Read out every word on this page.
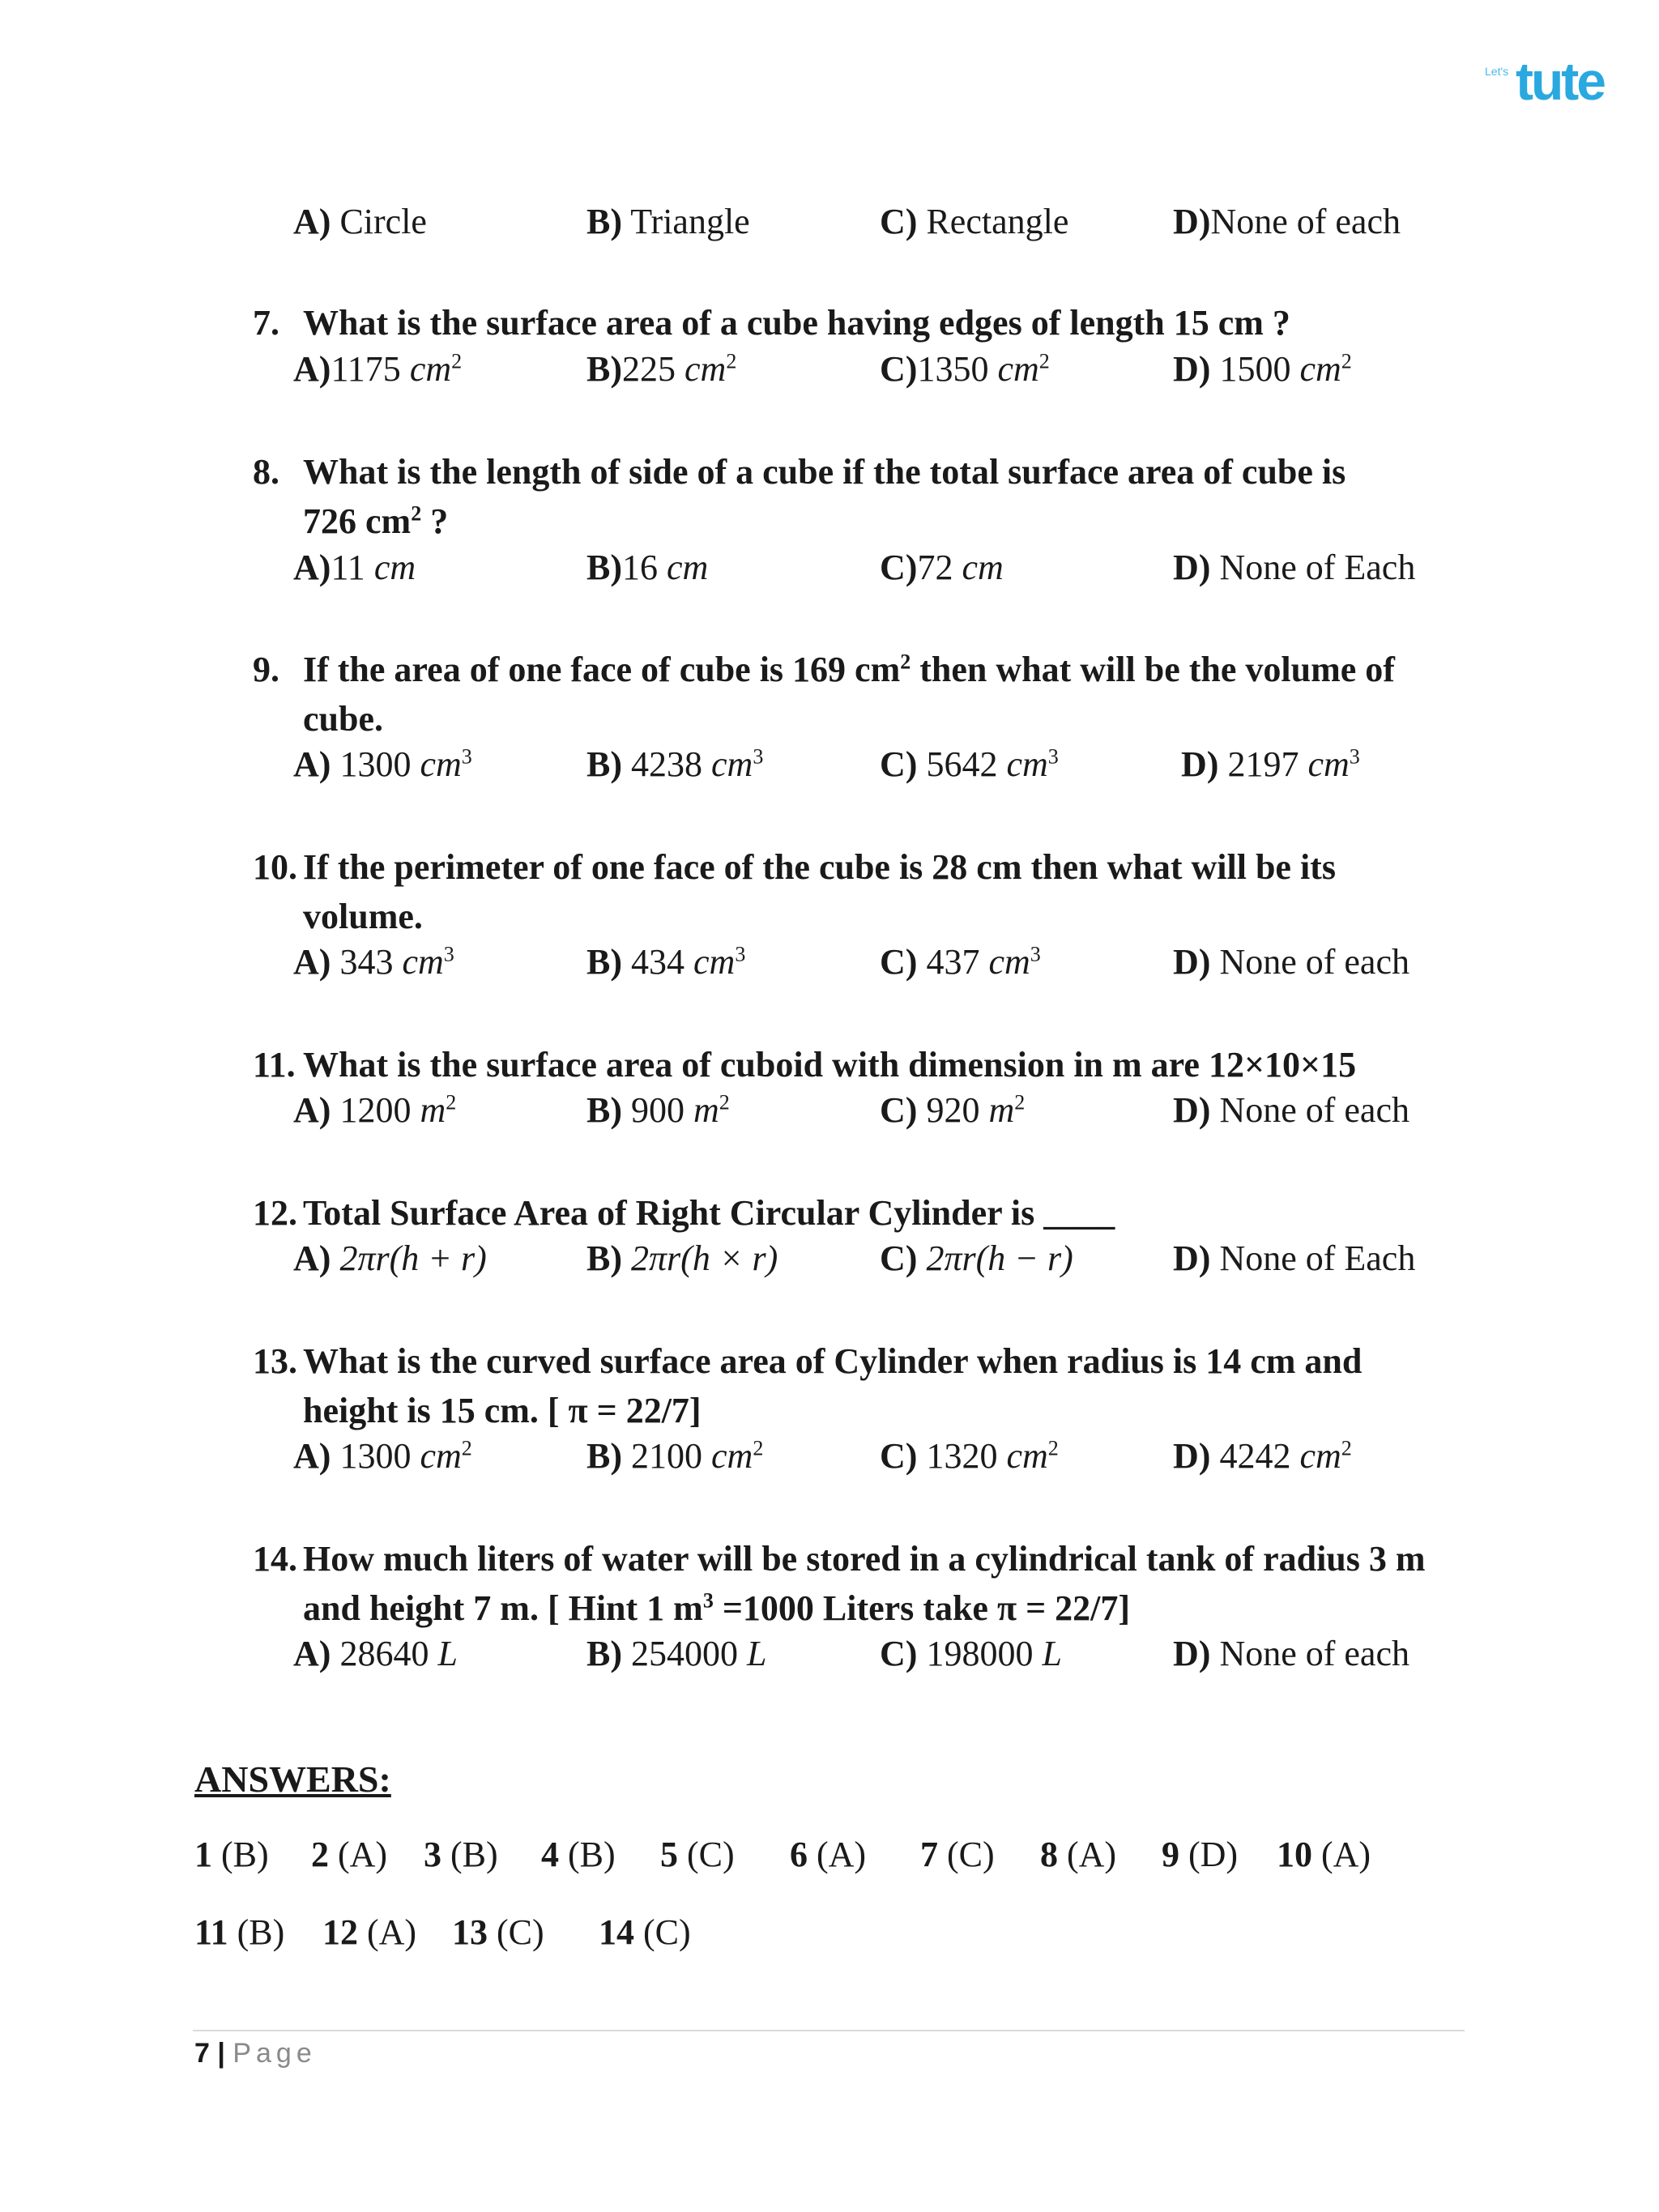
Let's tute
A) Circle	B) Triangle	C) Rectangle	D)None of each
7. What is the surface area of a cube having edges of length 15 cm ?
A)1175 $cm^2$	B)225 $cm^2$	C)1350 $cm^2$	D) 1500 $cm^2$
8. What is the length of side of a cube if the total surface area of cube is
726 $cm^2$ ?
A)11 cm	B)16 cm	C)72 cm	D) None of Each
9. If the area of one face of cube is 169 $cm^2$ then what will be the volume of
cube.
A) 1300 $cm^3$	B) 4238 $cm^3$	C) 5642 $cm^3$	D) 2197 $cm^3$
10. If the perimeter of one face of the cube is 28 cm then what will be its
volume.
A) 343 $cm^3$	B) 434 $cm^3$	C) 437 $cm^3$	D) None of each
11. What is the surface area of cuboid with dimension in m are 12×10×15
A) 1200 $m^2$	B) 900 $m^2$	C) 920 $m^2$	D) None of each
12. Total Surface Area of Right Circular Cylinder is ____
A) 2πr(h + r)	B) 2πr(h × r)	C) 2πr(h − r)	D) None of Each
13. What is the curved surface area of Cylinder when radius is 14 cm and
height is 15 cm. [ π = 22/7]
A) 1300 $cm^2$	B) 2100 $cm^2$	C) 1320 $cm^2$	D) 4242 $cm^2$
14. How much liters of water will be stored in a cylindrical tank of radius 3 m
and height 7 m. [ Hint 1 $m^3 =1000$ Liters take π = 22/7]
A) 28640 L	B) 254000 L	C) 198000 L	D) None of each
ANSWERS:
1 (B) 2 (A) 3 (B) 4 (B) 5 (C) 6 (A) 7 (C) 8 (A) 9 (D) 10 (A)
11 (B) 12 (A) 13 (C) 14 (C)
7 | Page
